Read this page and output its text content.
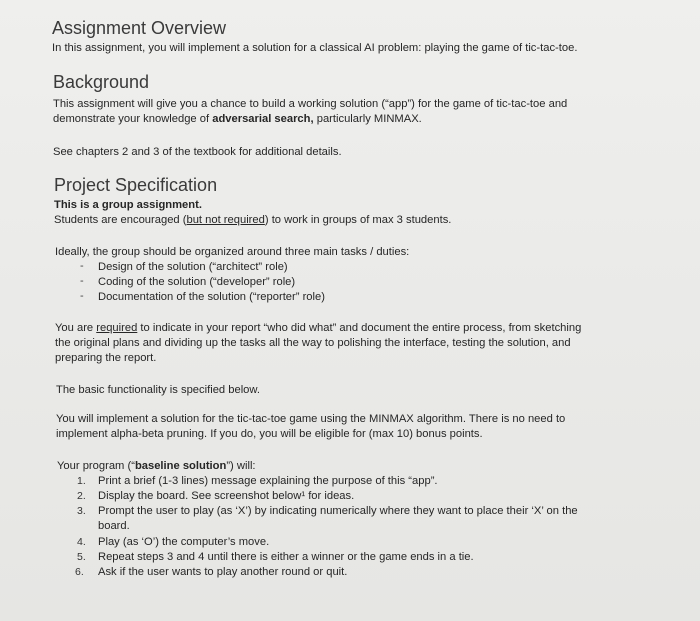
Assignment Overview
In this assignment, you will implement a solution for a classical AI problem: playing the game of tic-tac-toe.
Background
This assignment will give you a chance to build a working solution (“app”) for the game of tic-tac-toe and
demonstrate your knowledge of adversarial search, particularly MINMAX.
See chapters 2 and 3 of the textbook for additional details.
Project Specification
This is a group assignment.
Students are encouraged (but not required) to work in groups of max 3 students.
Ideally, the group should be organized around three main tasks / duties:
- Design of the solution (“architect” role)
- Coding of the solution (“developer” role)
- Documentation of the solution (“reporter” role)
You are required to indicate in your report “who did what” and document the entire process, from sketching
the original plans and dividing up the tasks all the way to polishing the interface, testing the solution, and
preparing the report.
The basic functionality is specified below.
You will implement a solution for the tic-tac-toe game using the MINMAX algorithm. There is no need to
implement alpha-beta pruning. If you do, you will be eligible for (max 10) bonus points.
Your program (“baseline solution”) will:
1. Print a brief (1-3 lines) message explaining the purpose of this “app”.
2. Display the board. See screenshot below¹ for ideas.
3. Prompt the user to play (as ‘X’) by indicating numerically where they want to place their ‘X’ on the
board.
4. Play (as ‘O’) the computer’s move.
5. Repeat steps 3 and 4 until there is either a winner or the game ends in a tie.
6. Ask if the user wants to play another round or quit.
